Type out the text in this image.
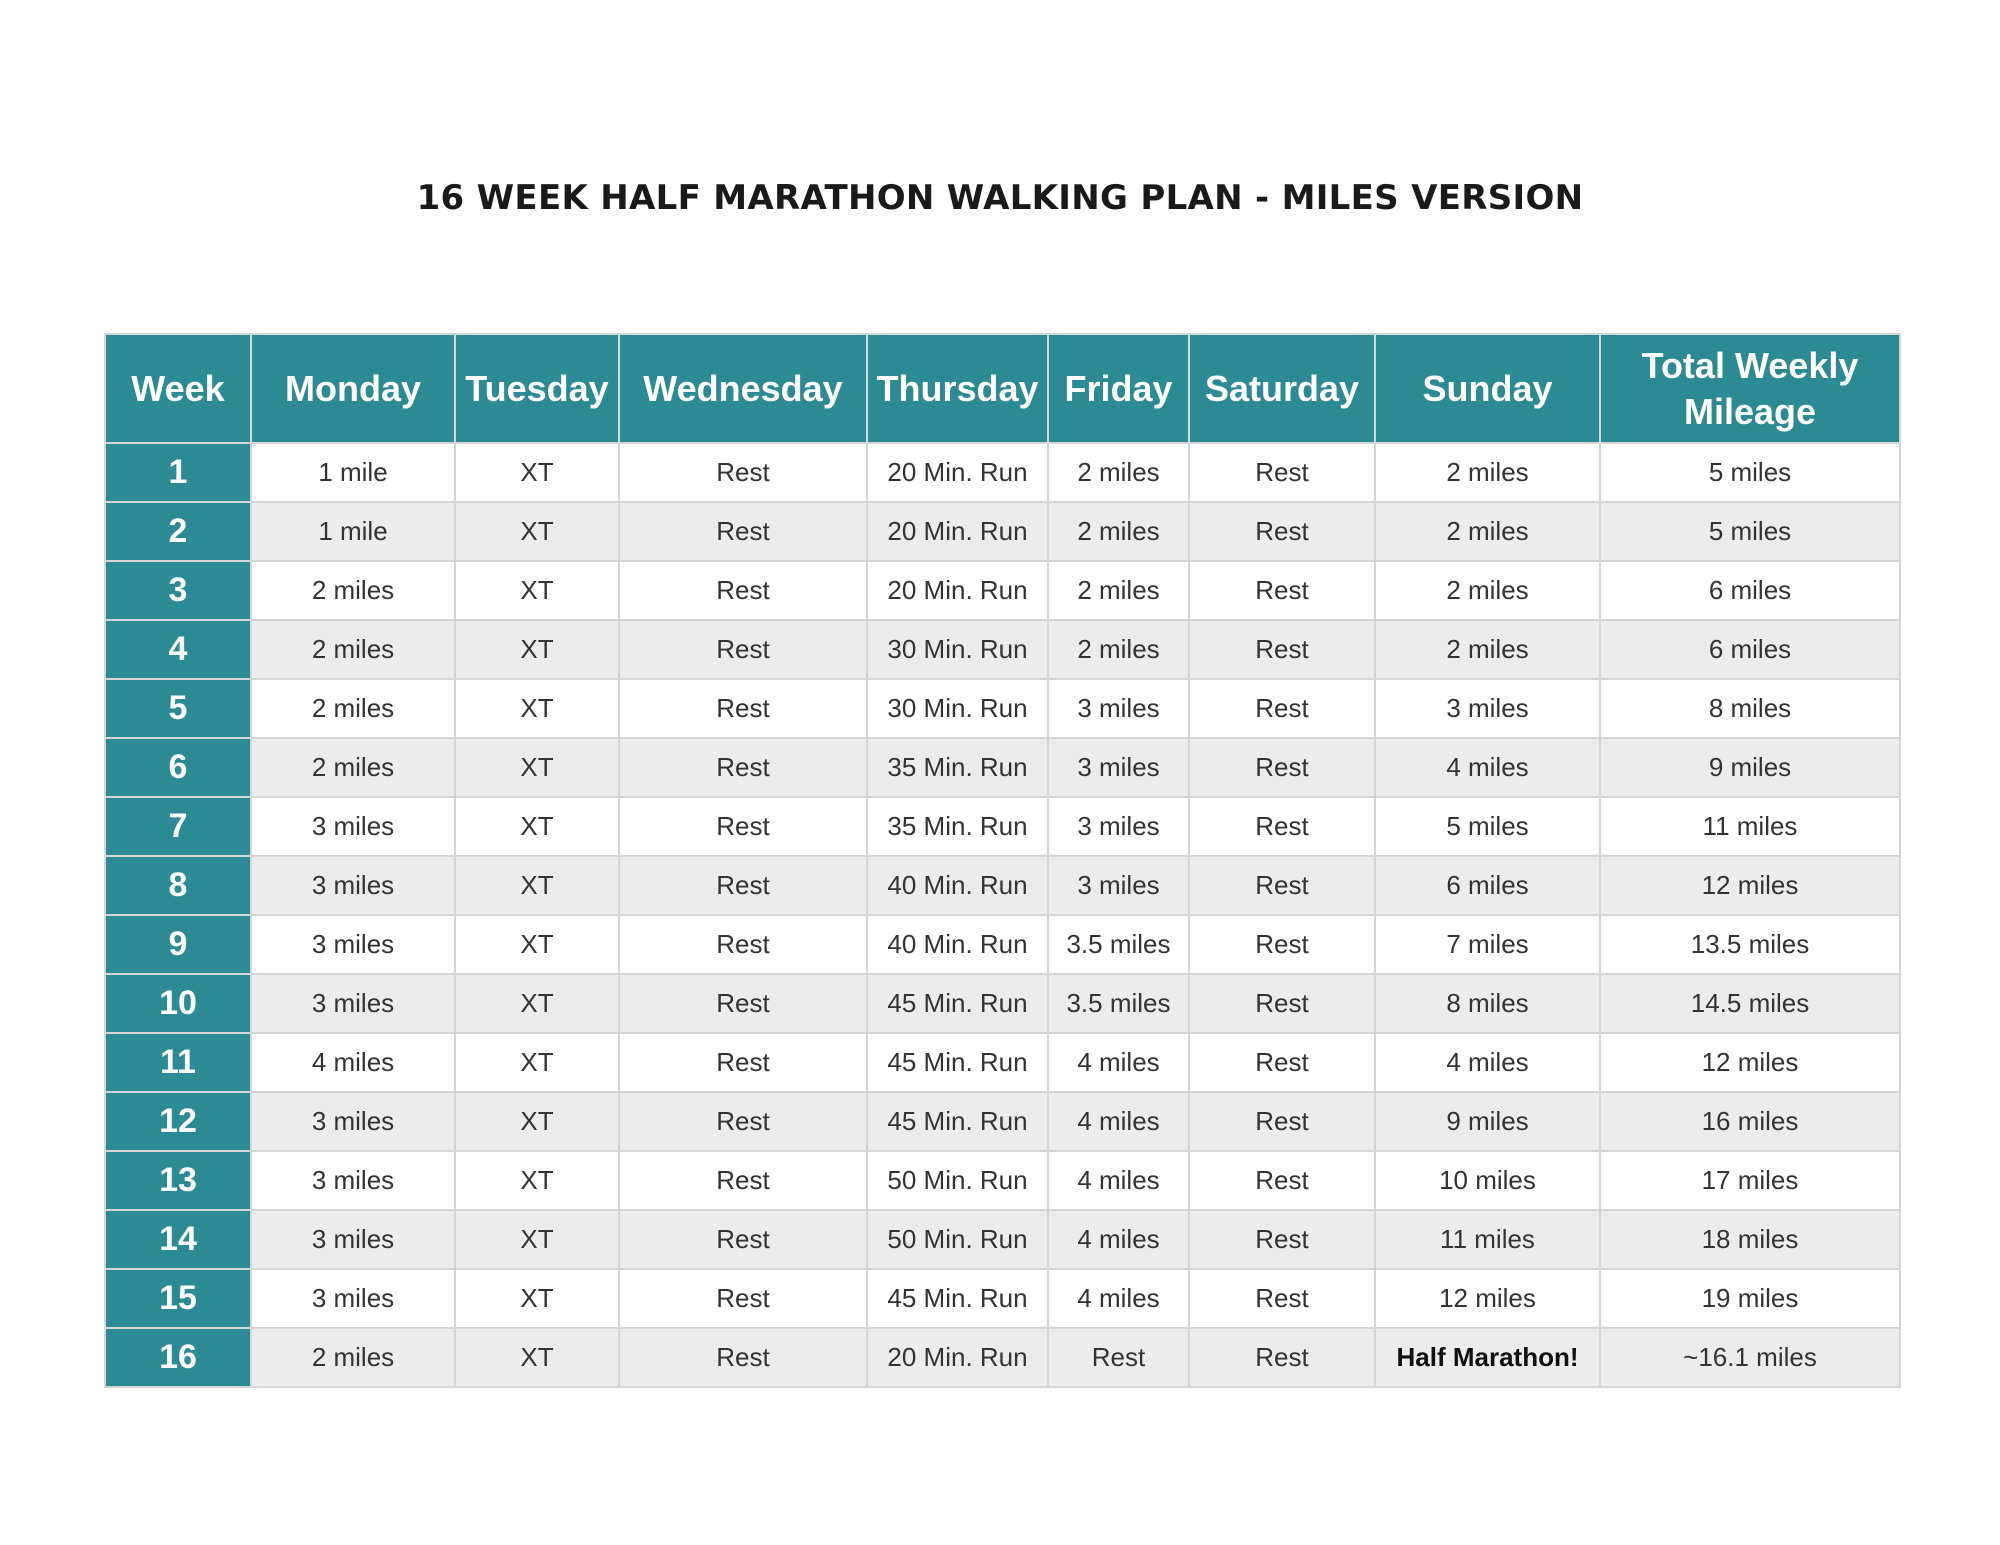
16 WEEK HALF MARATHON WALKING PLAN - MILES VERSION
Week	Monday	Tuesday	Wednesday	Thursday	Friday	Saturday	Sunday	Total Weekly
Mileage
1	1 mile	XT	Rest	20 Min. Run	2 miles	Rest	2 miles	5 miles
2	1 mile	XT	Rest	20 Min. Run	2 miles	Rest	2 miles	5 miles
3	2 miles	XT	Rest	20 Min. Run	2 miles	Rest	2 miles	6 miles
4	2 miles	XT	Rest	30 Min. Run	2 miles	Rest	2 miles	6 miles
5	2 miles	XT	Rest	30 Min. Run	3 miles	Rest	3 miles	8 miles
6	2 miles	XT	Rest	35 Min. Run	3 miles	Rest	4 miles	9 miles
7	3 miles	XT	Rest	35 Min. Run	3 miles	Rest	5 miles	11 miles
8	3 miles	XT	Rest	40 Min. Run	3 miles	Rest	6 miles	12 miles
9	3 miles	XT	Rest	40 Min. Run	3.5 miles	Rest	7 miles	13.5 miles
10	3 miles	XT	Rest	45 Min. Run	3.5 miles	Rest	8 miles	14.5 miles
11	4 miles	XT	Rest	45 Min. Run	4 miles	Rest	4 miles	12 miles
12	3 miles	XT	Rest	45 Min. Run	4 miles	Rest	9 miles	16 miles
13	3 miles	XT	Rest	50 Min. Run	4 miles	Rest	10 miles	17 miles
14	3 miles	XT	Rest	50 Min. Run	4 miles	Rest	11 miles	18 miles
15	3 miles	XT	Rest	45 Min. Run	4 miles	Rest	12 miles	19 miles
16	2 miles	XT	Rest	20 Min. Run	Rest	Rest	Half Marathon!	~16.1 miles
